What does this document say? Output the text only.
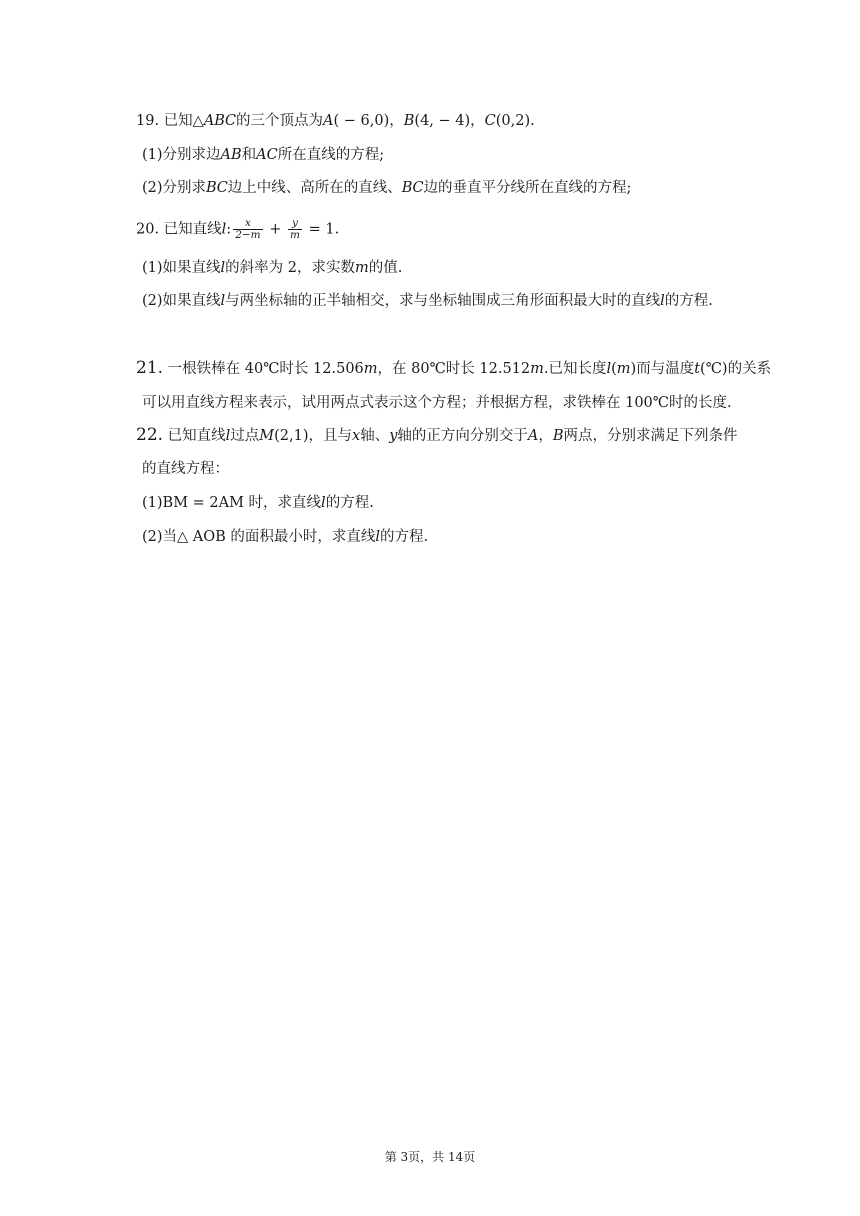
19. 已知△𝐴𝐵𝐶的三个顶点为𝐴( − 6,0)，𝐵(4, − 4)，𝐶(0,2).
(1)分别求边𝐴𝐵和𝐴𝐶所在直线的方程;
(2)分别求𝐵𝐶边上中线、高所在的直线、𝐵𝐶边的垂直平分线所在直线的方程;
20. 已知直线𝑙: $\frac{\text{𝑥}}{\text{2−𝑚}} + \frac{\text{𝑦}}{\text{𝑚}} = 1$.
(1)如果直线𝑙的斜率为 2，求实数𝑚的值.
(2)如果直线𝑙与两坐标轴的正半轴相交，求与坐标轴围成三角形面积最大时的直线𝑙的方程.
21. 一根铁棒在 40℃时长 12.506𝑚，在 80℃时长 12.512𝑚.已知长度𝑙(𝑚)而与温度𝑡(℃)的关系
可以用直线方程来表示，试用两点式表示这个方程；并根据方程，求铁棒在 100℃时的长度.
22. 已知直线𝑙过点𝑀(2,1)，且与𝑥轴、𝑦轴的正方向分别交于𝐴，𝐵两点，分别求满足下列条件
的直线方程：
(1)BM = 2AM 时，求直线𝑙的方程.
(2)当△ AOB 的面积最小时，求直线𝑙的方程.
第 3页，共 14页
